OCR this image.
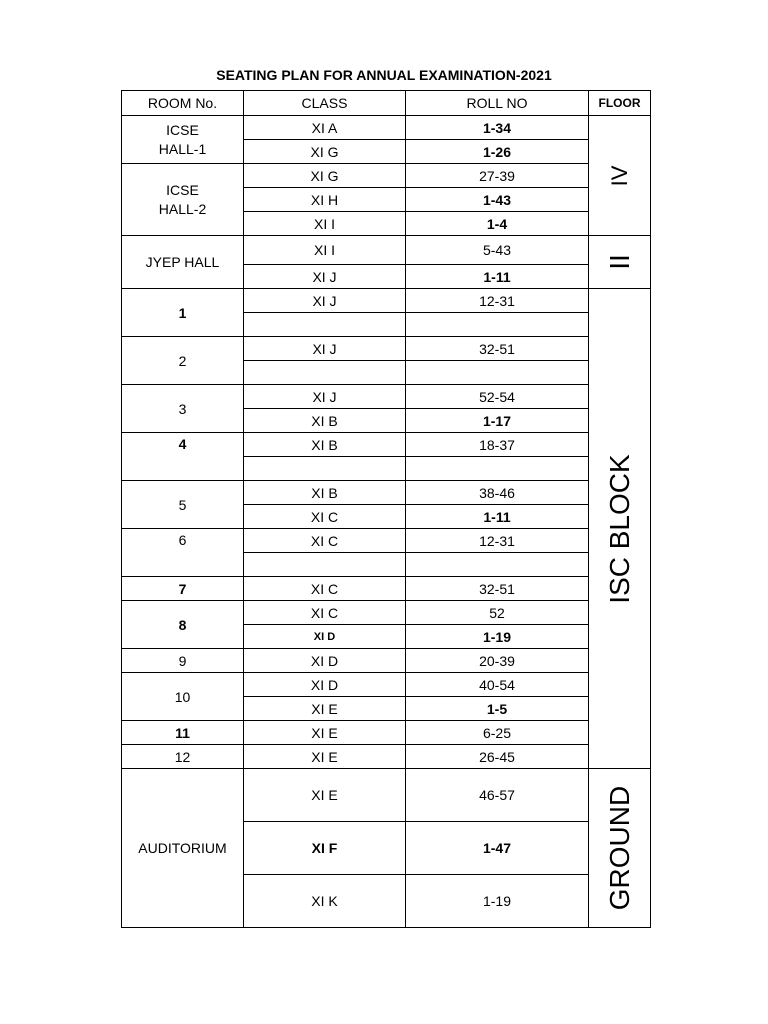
SEATING PLAN FOR ANNUAL EXAMINATION-2021
ROOM No.	CLASS	ROLL NO	FLOOR
ICSE
HALL-1	XI A	1-34	IV

	XI G	1-26	
ICSE
HALL-2	XI G	27-39	
	XI H	1-43	
	XI I	1-4	
JYEP HALL	XI I	5-43	II

	XI J	1-11	
1	XI J	12-31	ISC BLOCK

2	XI J	32-51	

3	XI J	52-54	
	XI B	1-17	
4	XI B	18-37	

5	XI B	38-46	
	XI C	1-11	
6	XI C	12-31	

7	XI C	32-51	
8	XI C	52	
	XI D	1-19	
9	XI D	20-39	
10	XI D	40-54	
	XI E	1-5	
11	XI E	6-25	
12	XI E	26-45	
AUDITORIUM	XI E	46-57	GROUND

	XI F	1-47	
	XI K	1-19	
